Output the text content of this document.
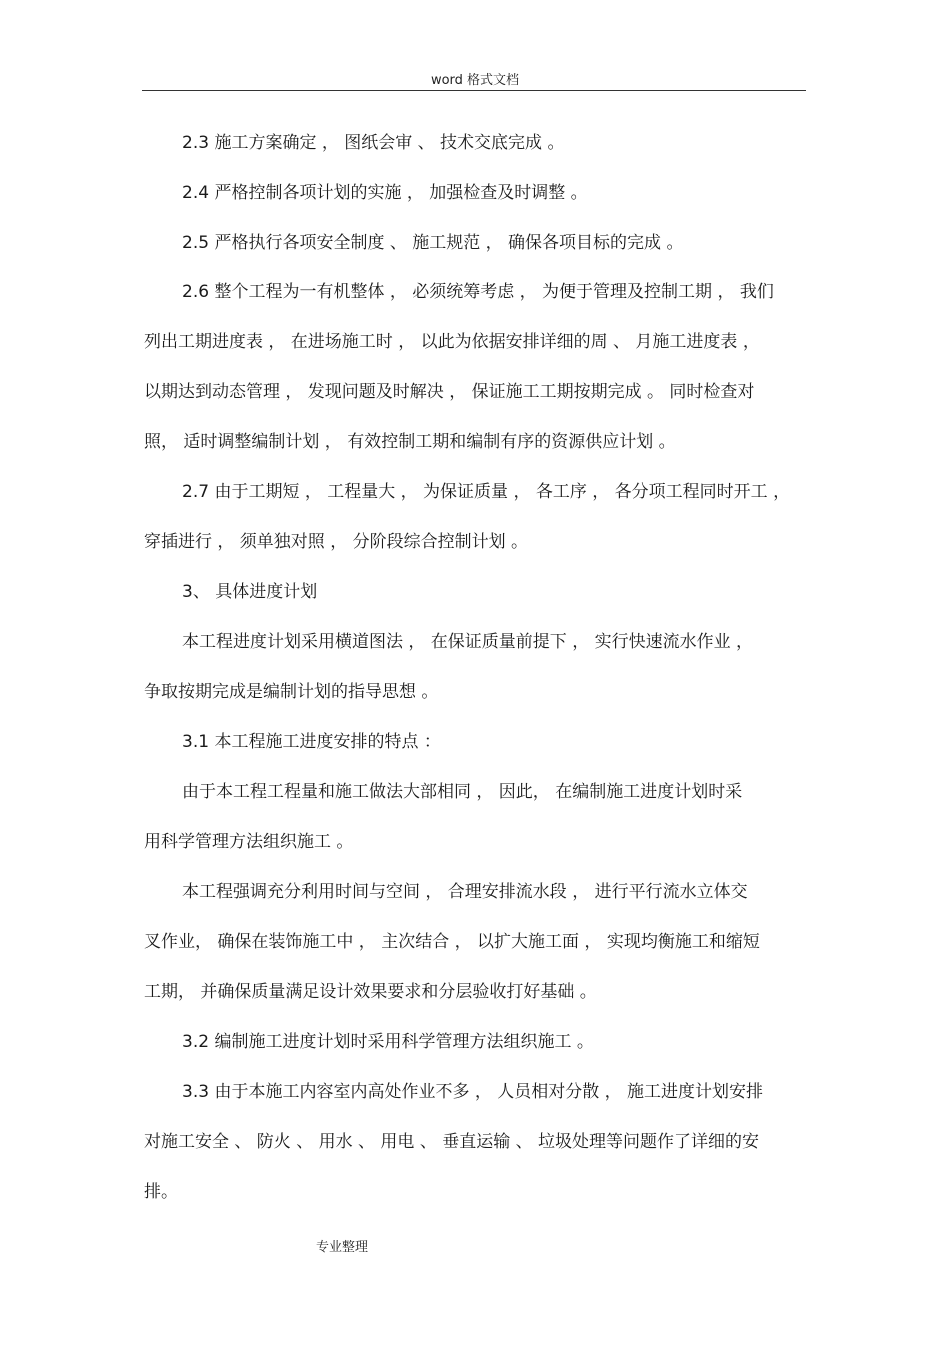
word 格式文档
2.3 施工方案确定 ， 图纸会审 、 技术交底完成 。
2.4 严格控制各项计划的实施 ， 加强检查及时调整 。
2.5 严格执行各项安全制度 、 施工规范 ， 确保各项目标的完成 。
2.6 整个工程为一有机整体 ， 必须统筹考虑 ， 为便于管理及控制工期 ， 我们
列出工期进度表 ， 在进场施工时 ， 以此为依据安排详细的周 、 月施工进度表 ，
以期达到动态管理 ， 发现问题及时解决 ， 保证施工工期按期完成 。 同时检查对
照， 适时调整编制计划 ， 有效控制工期和编制有序的资源供应计划 。
2.7 由于工期短 ， 工程量大 ， 为保证质量 ， 各工序 ， 各分项工程同时开工 ，
穿插进行 ， 须单独对照 ， 分阶段综合控制计划 。
3、 具体进度计划
本工程进度计划采用横道图法 ， 在保证质量前提下 ， 实行快速流水作业 ，
争取按期完成是编制计划的指导思想 。
3.1 本工程施工进度安排的特点 ：
由于本工程工程量和施工做法大部相同 ， 因此， 在编制施工进度计划时采
用科学管理方法组织施工 。
本工程强调充分利用时间与空间 ， 合理安排流水段 ， 进行平行流水立体交
叉作业， 确保在装饰施工中 ， 主次结合 ， 以扩大施工面 ， 实现均衡施工和缩短
工期， 并确保质量满足设计效果要求和分层验收打好基础 。
3.2 编制施工进度计划时采用科学管理方法组织施工 。
3.3 由于本施工内容室内高处作业不多 ， 人员相对分散 ， 施工进度计划安排
对施工安全 、 防火 、 用水 、 用电 、 垂直运输 、 垃圾处理等问题作了详细的安
排。
专业整理
